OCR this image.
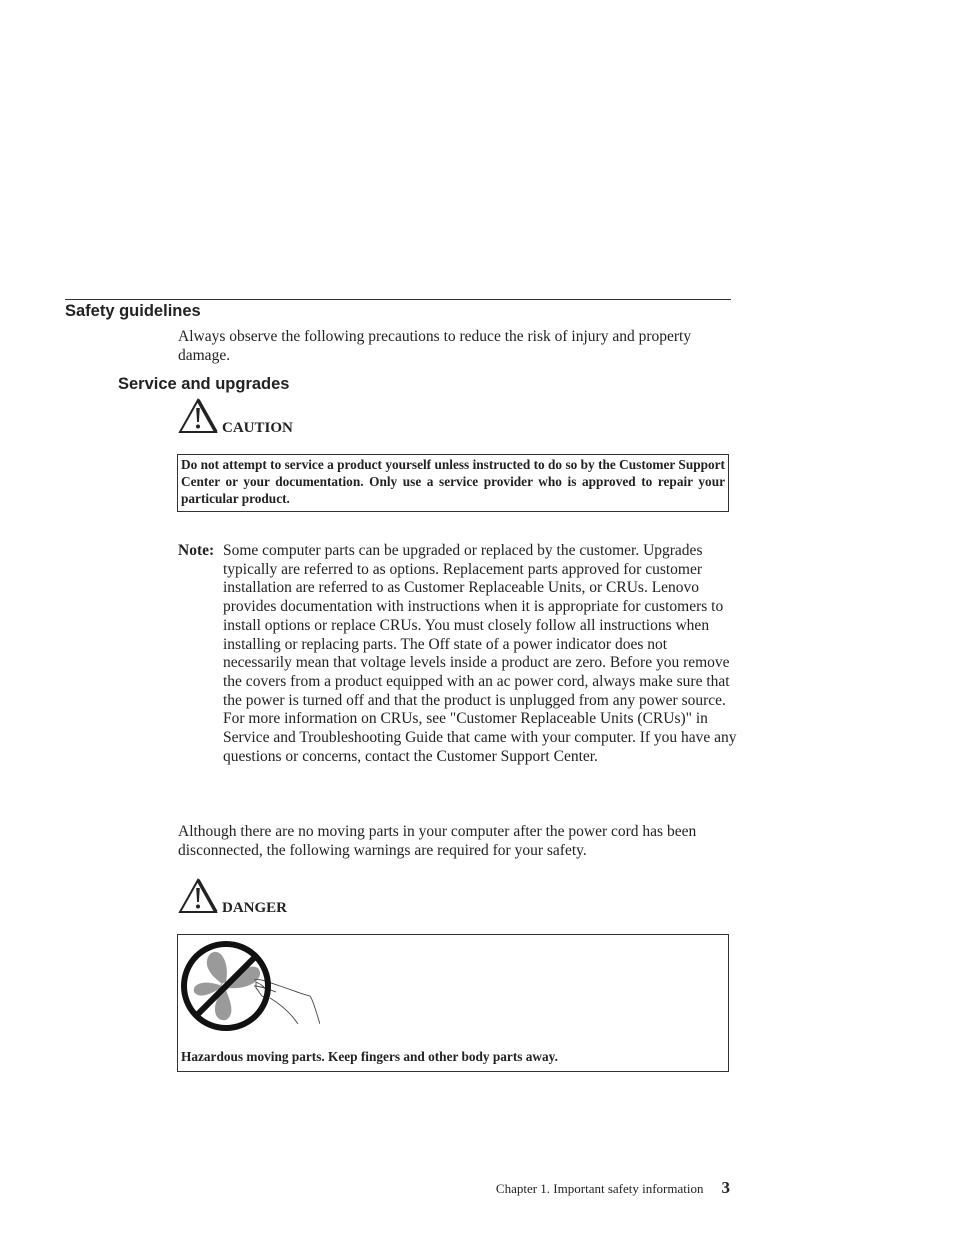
Safety guidelines
Always observe the following precautions to reduce the risk of injury and property damage.
Service and upgrades
CAUTION
Do not attempt to service a product yourself unless instructed to do so by the Customer Support Center or your documentation. Only use a service provider who is approved to repair your particular product.
Note: Some computer parts can be upgraded or replaced by the customer. Upgrades typically are referred to as options. Replacement parts approved for customer installation are referred to as Customer Replaceable Units, or CRUs. Lenovo provides documentation with instructions when it is appropriate for customers to install options or replace CRUs. You must closely follow all instructions when installing or replacing parts. The Off state of a power indicator does not necessarily mean that voltage levels inside a product are zero. Before you remove the covers from a product equipped with an ac power cord, always make sure that the power is turned off and that the product is unplugged from any power source. For more information on CRUs, see "Customer Replaceable Units (CRUs)" in Service and Troubleshooting Guide that came with your computer. If you have any questions or concerns, contact the Customer Support Center.
Although there are no moving parts in your computer after the power cord has been disconnected, the following warnings are required for your safety.
DANGER
Hazardous moving parts. Keep fingers and other body parts away.
Chapter 1. Important safety information 3
